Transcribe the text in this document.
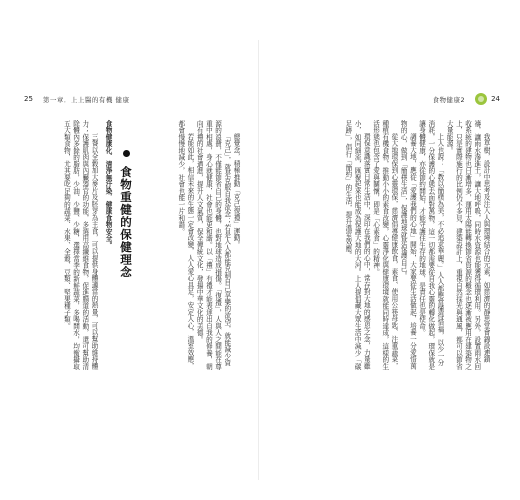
25 第一章．上上醫的有機 健康	食物健康2	24

我草樹，設計中思考及注入人與環境結合的元素，如慈濟的靜思堂會錦設連鎖禱，讓雨水滲進土，讓大地呼吸，同時水資源也能獲得循環利用。另外，設置雨水回收系統的建物也日漸增多，運用太陽能轉換節省資源的概念也逐漸被應用在建築物之上，只是實際施行的比例仍不多見，建築設計上，重視自然採光與通風，都可以節省大量能源。

上人也說：「教以簡樸為美，不必追求華麗。」人人都應當懂得惜福，以少一分消耗，一分保護的心態去面對萬物，這一切都需要從自我心靈的轉化做起，環保就是讓身體健康，亦從節約開始，才能守護住生存的地球，是責任也是使命。

調養大地，應從「愛護我們的心地」開始，大家要從生活做起，培養一分愛惜萬物的心，做到「簡樸生活」，保護地球就是保護自己。

從大地環保到心靈環保，慈濟倡導健康飲食，素食、使用公筷母匙、注重蔬菜，種植有機食物，推動小小的素食改變，心靈淨化與健康環境就能同時達成，這樣的生活形態也包含了愛與關懷，即是「心素食」的精神。

環保意識落實日常生活中，深印在我們的心中，常存對大地的感恩之念，力量雖小，如同細流，匯聚起來也能成為保護大地的大河。上人提倡藏大眾生活中減少「碳足跡」，倡行「簡約」的生活，提升溫室效應。

總覺念，積極推動「克己復禮」運動。

「克己」，就是克服自我欲念；若是人人都能克制自己享樂的欲望，就能減少資源的浪費，不僅能節省自己的身體，也對地球造成損傷。「復禮」，人與人之間能在尊重中相處，身心就健康，社會也能更和諧。以「禮」有禮才能表達出自我的修養，朝向有禮的社會邁進，提升人文氣質，保全傳統文化，發揚中華文化的美德。

若能如此，相信未來的生態一定會改變，人人愛心具足，安定人心，溫室效應，都會慢慢地減少，社會也能一片和諧。

食物重健的保健理念
食物健康化．清淨無汙染．健康食物安全。

三餐以全穀加大麥片及胚芽為主食，可以提供身體適當的熱量，可以幫助維持體力；保護肌肉與內臟器官的功能，多選用高纖維食物，促進腸道的活動，還可幫助清除體內多餘的脂肪，少油、少鹽、少糖，選擇當季的新鮮蔬菜，多喝開水，均衡攝取五大類食物，尤其要吃足夠的蔬菜、水果、全穀、豆類、堅果種子類。
